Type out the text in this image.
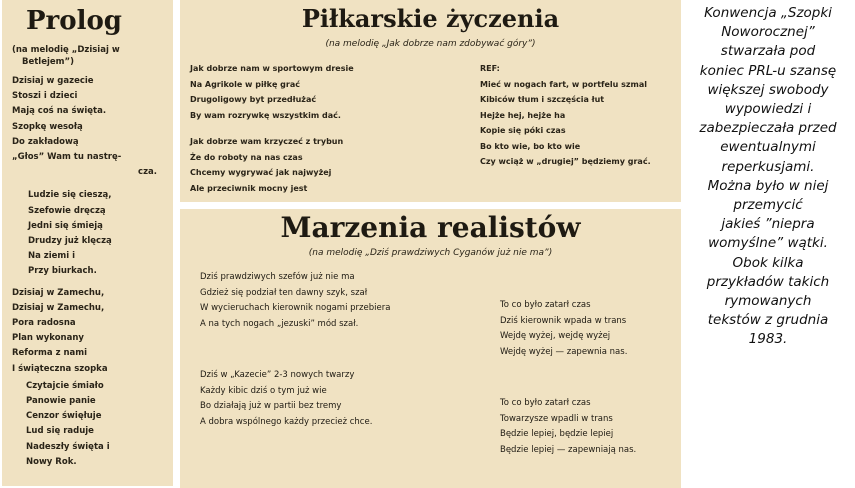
Prolog
(na melodię „Dzisiaj w
Betlejem”)
Dzisiaj w gazecie
Stoszi i dzieci
Mają coś na święta.
Szopkę wesołą
Do zakładową
„Głos” Wam tu nastrę-
cza.
Ludzie się cieszą,
Szefowie dręczą
Jedni się śmieją
Drudzy już klęczą
Na ziemi i
Przy biurkach.
Dzisiaj w Zamechu,
Dzisiaj w Zamechu,
Pora radosna
Plan wykonany
Reforma z nami
I świąteczna szopka
Czytajcie śmiało
Panowie panie
Cenzor święłuje
Lud się raduje
Nadeszły święta i
Nowy Rok.
Piłkarskie życzenia
(na melodię „Jak dobrze nam zdobywać góry”)
Jak dobrze nam w sportowym dresie
Na Agrikole w piłkę grać
Drugoligowy byt przedłużać
By wam rozrywkę wszystkim dać.
Jak dobrze wam krzyczeć z trybun
Że do roboty na nas czas
Chcemy wygrywać jak najwyżej
Ale przeciwnik mocny jest
REF:
Mieć w nogach fart, w portfelu szmal
Kibiców tłum i szczęścia łut
Hejże hej, hejże ha
Kopie się póki czas
Bo kto wie, bo kto wie
Czy wciąż w „drugiej” będziemy grać.
Marzenia realistów
(na melodię „Dziś prawdziwych Cyganów już nie ma”)
Dziś prawdziwych szefów już nie ma
Gdzież się podział ten dawny szyk, szał
W wycieruchach kierownik nogami przebiera
A na tych nogach „jezuski” mód szał.
To co było zatarł czas
Dziś kierownik wpada w trans
Wejdę wyżej, wejdę wyżej
Wejdę wyżej — zapewnia nas.
Dziś w „Kazecie” 2-3 nowych twarzy
Każdy kibic dziś o tym już wie
Bo działają już w partii bez tremy
A dobra wspólnego każdy przecież chce.
To co było zatarł czas
Towarzysze wpadli w trans
Będzie lepiej, będzie lepiej
Będzie lepiej — zapewniają nas.
Konwencja „Szopki
Noworocznej”
stwarzała pod
koniec PRL-u szansę
większej swobody
wypowiedzi i
zabezpieczała przed
ewentualnymi
reperkusjami.
Można było w niej
przemycić
jakieś ”niepra
womyślne” wątki.
Obok kilka
przykładów takich
rymowanych
tekstów z grudnia
1983.
